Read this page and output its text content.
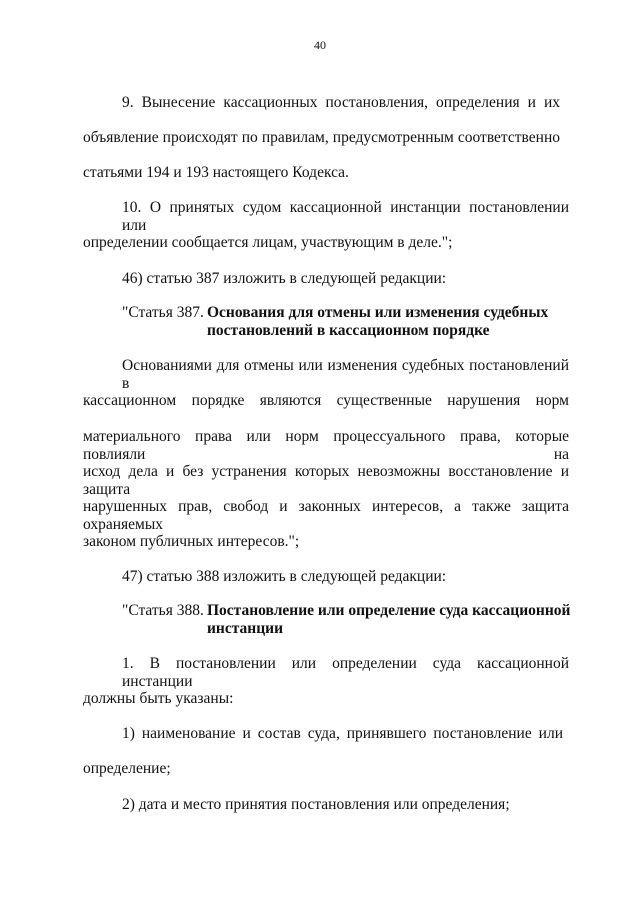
40
9. Вынесение кассационных постановления, определения и их
объявление происходят по правилам, предусмотренным соответственно
статьями 194 и 193 настоящего Кодекса.
10. О принятых судом кассационной инстанции постановлении или
определении сообщается лицам, участвующим в деле.";
46) статью 387 изложить в следующей редакции:
"Статья 387. Основания для отмены или изменения судебных
постановлений в кассационном порядке
Основаниями для отмены или изменения судебных постановлений в
кассационном порядке являются существенные нарушения норм
материального права или норм процессуального права, которые повлияли на
исход дела и без устранения которых невозможны восстановление и защита
нарушенных прав, свобод и законных интересов, а также защита охраняемых
законом публичных интересов.";
47) статью 388 изложить в следующей редакции:
"Статья 388. Постановление или определение суда кассационной
инстанции
1. В постановлении или определении суда кассационной инстанции
должны быть указаны:
1) наименование и состав суда, принявшего постановление или
определение;
2) дата и место принятия постановления или определения;
